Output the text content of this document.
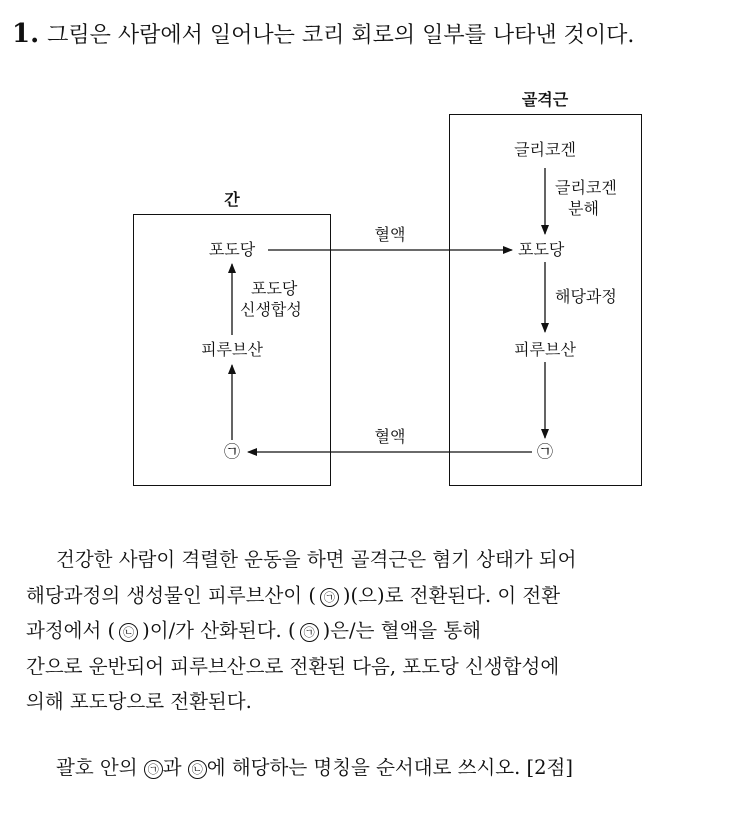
1. 그림은 사람에서 일어나는 코리 회로의 일부를 나타낸 것이다.
간
포도당
포도당
신생합성
피루브산
㉠
골격근
글리코겐
글리코겐
분해
포도당
해당과정
피루브산
㉠
혈액
혈액

건강한 사람이 격렬한 운동을 하면 골격근은 혐기 상태가 되어

해당과정의 생성물인 피루브산이 ( ㉠ )(으)로 전환된다. 이 전환

과정에서 ( ㉡ )이/가 산화된다. ( ㉠ )은/는 혈액을 통해

간으로 운반되어 피루브산으로 전환된 다음, 포도당 신생합성에

의해 포도당으로 전환된다.

괄호 안의 ㉠ 과 ㉡ 에 해당하는 명칭을 순서대로 쓰시오. [2점]
